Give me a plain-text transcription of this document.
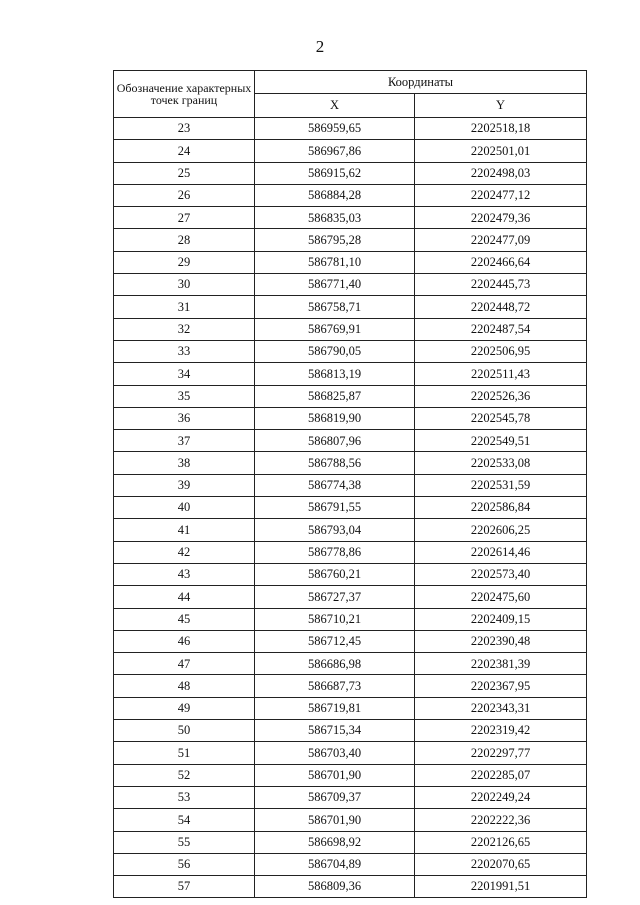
2
Обозначение характерных точек границ	Координаты	
	X	Y
23	586959,65	2202518,18
24	586967,86	2202501,01
25	586915,62	2202498,03
26	586884,28	2202477,12
27	586835,03	2202479,36
28	586795,28	2202477,09
29	586781,10	2202466,64
30	586771,40	2202445,73
31	586758,71	2202448,72
32	586769,91	2202487,54
33	586790,05	2202506,95
34	586813,19	2202511,43
35	586825,87	2202526,36
36	586819,90	2202545,78
37	586807,96	2202549,51
38	586788,56	2202533,08
39	586774,38	2202531,59
40	586791,55	2202586,84
41	586793,04	2202606,25
42	586778,86	2202614,46
43	586760,21	2202573,40
44	586727,37	2202475,60
45	586710,21	2202409,15
46	586712,45	2202390,48
47	586686,98	2202381,39
48	586687,73	2202367,95
49	586719,81	2202343,31
50	586715,34	2202319,42
51	586703,40	2202297,77
52	586701,90	2202285,07
53	586709,37	2202249,24
54	586701,90	2202222,36
55	586698,92	2202126,65
56	586704,89	2202070,65
57	586809,36	2201991,51
